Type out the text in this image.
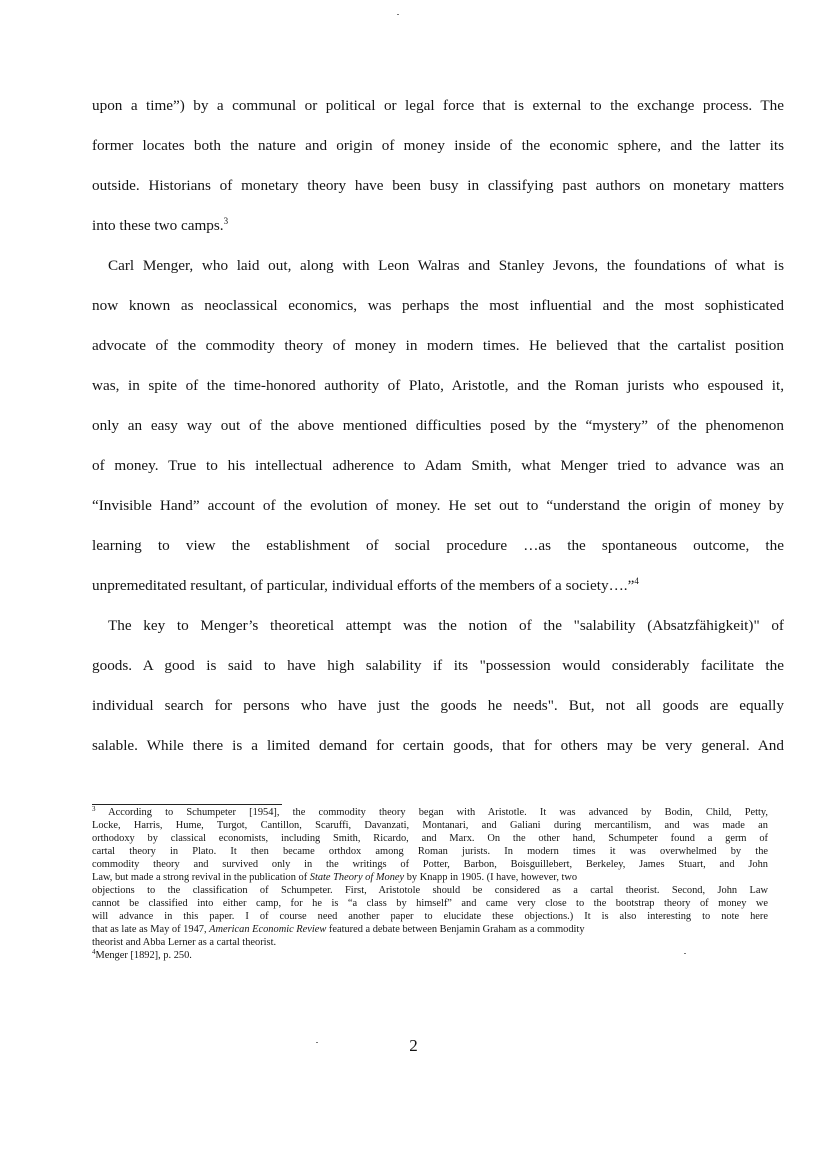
upon a time”) by a communal or political or legal force that is external to the exchange process. The
former locates both the nature and origin of money inside of the economic sphere, and the latter its
outside. Historians of monetary theory have been busy in classifying past authors on monetary matters
into these two camps.$^3$
Carl Menger, who laid out, along with Leon Walras and Stanley Jevons, the foundations of what is
now known as neoclassical economics, was perhaps the most influential and the most sophisticated
advocate of the commodity theory of money in modern times. He believed that the cartalist position
was, in spite of the time-honored authority of Plato, Aristotle, and the Roman jurists who espoused it,
only an easy way out of the above mentioned difficulties posed by the “mystery” of the phenomenon
of money. True to his intellectual adherence to Adam Smith, what Menger tried to advance was an
“Invisible Hand” account of the evolution of money. He set out to “understand the origin of money by
learning to view the establishment of social procedure …as the spontaneous outcome, the
unpremeditated resultant, of particular, individual efforts of the members of a society….”$^4$
The key to Menger’s theoretical attempt was the notion of the "salability (Absatzfähigkeit)" of
goods. A good is said to have high salability if its "possession would considerably facilitate the
individual search for persons who have just the goods he needs". But, not all goods are equally
salable. While there is a limited demand for certain goods, that for others may be very general. And
$^3$ According to Schumpeter [1954], the commodity theory began with Aristotle. It was advanced by Bodin, Child, Petty,
Locke, Harris, Hume, Turgot, Cantillon, Scaruffi, Davanzati, Montanari, and Galiani during mercantilism, and was made an
orthodoxy by classical economists, including Smith, Ricardo, and Marx. On the other hand, Schumpeter found a germ of
cartal theory in Plato. It then became orthdox among Roman jurists. In modern times it was overwhelmed by the
commodity theory and survived only in the writings of Potter, Barbon, Boisguillebert, Berkeley, James Stuart, and John
Law, but made a strong revival in the publication of State Theory of Money by Knapp in 1905. (I have, however, two
objections to the classification of Schumpeter. First, Aristotole should be considered as a cartal theorist. Second, John Law
cannot be classified into either camp, for he is “a class by himself” and came very close to the bootstrap theory of money we
will advance in this paper. I of course need another paper to elucidate these objections.) It is also interesting to note here
that as late as May of 1947, American Economic Review featured a debate between Benjamin Graham as a commodity
theorist and Abba Lerner as a cartal theorist.
$^4$Menger [1892], p. 250.
2
